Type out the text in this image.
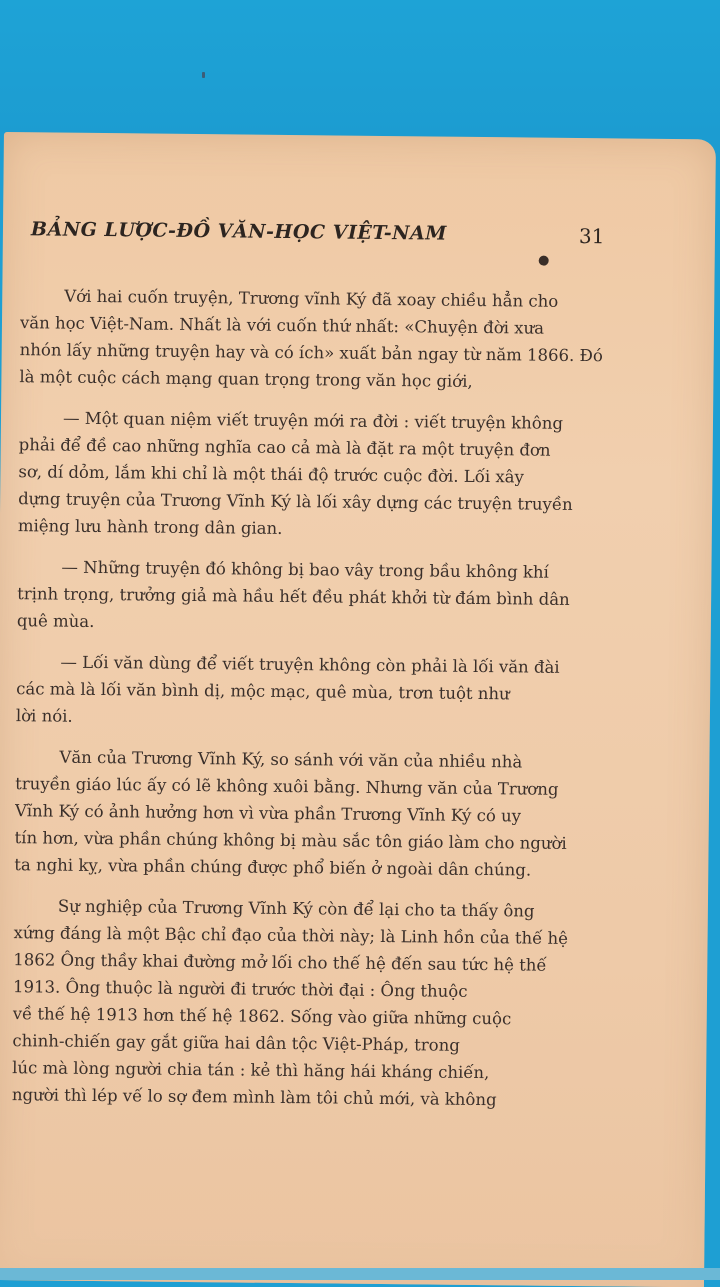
BẢNG LƯỢC-ĐỒ VĂN-HỌC VIỆT-NAM	31
Với hai cuốn truyện, Trương vĩnh Ký đã xoay chiều hẳn cho
văn học Việt-Nam. Nhất là với cuốn thứ nhất: «Chuyện đời xưa
nhón lấy những truyện hay và có ích» xuất bản ngay từ năm 1866. Đó
là một cuộc cách mạng quan trọng trong văn học giới,
— Một quan niệm viết truyện mới ra đời : viết truyện không
phải để đề cao những nghĩa cao cả mà là đặt ra một truyện đơn
sơ, dí dỏm, lắm khi chỉ là một thái độ trước cuộc đời. Lối xây
dựng truyện của Trương Vĩnh Ký là lối xây dựng các truyện truyền
miệng lưu hành trong dân gian.
— Những truyện đó không bị bao vây trong bầu không khí
trịnh trọng, trưởng giả mà hầu hết đều phát khởi từ đám bình dân
quê mùa.
— Lối văn dùng để viết truyện không còn phải là lối văn đài
các mà là lối văn bình dị, mộc mạc, quê mùa, trơn tuột như
lời nói.
Văn của Trương Vĩnh Ký, so sánh với văn của nhiều nhà
truyền giáo lúc ấy có lẽ không xuôi bằng. Nhưng văn của Trương
Vĩnh Ký có ảnh hưởng hơn vì vừa phần Trương Vĩnh Ký có uy
tín hơn, vừa phần chúng không bị màu sắc tôn giáo làm cho người
ta nghi kỵ, vừa phần chúng được phổ biến ở ngoài dân chúng.
Sự nghiệp của Trương Vĩnh Ký còn để lại cho ta thấy ông
xứng đáng là một Bậc chỉ đạo của thời này; là Linh hồn của thế hệ
1862 Ông thầy khai đường mở lối cho thế hệ đến sau tức hệ thế
1913. Ông thuộc là người đi trước thời đại : Ông thuộc
về thế hệ 1913 hơn thế hệ 1862. Sống vào giữa những cuộc
chinh-chiến gay gắt giữa hai dân tộc Việt-Pháp, trong
lúc mà lòng người chia tán : kẻ thì hăng hái kháng chiến,
người thì lép vế lo sợ đem mình làm tôi chủ mới, và không
